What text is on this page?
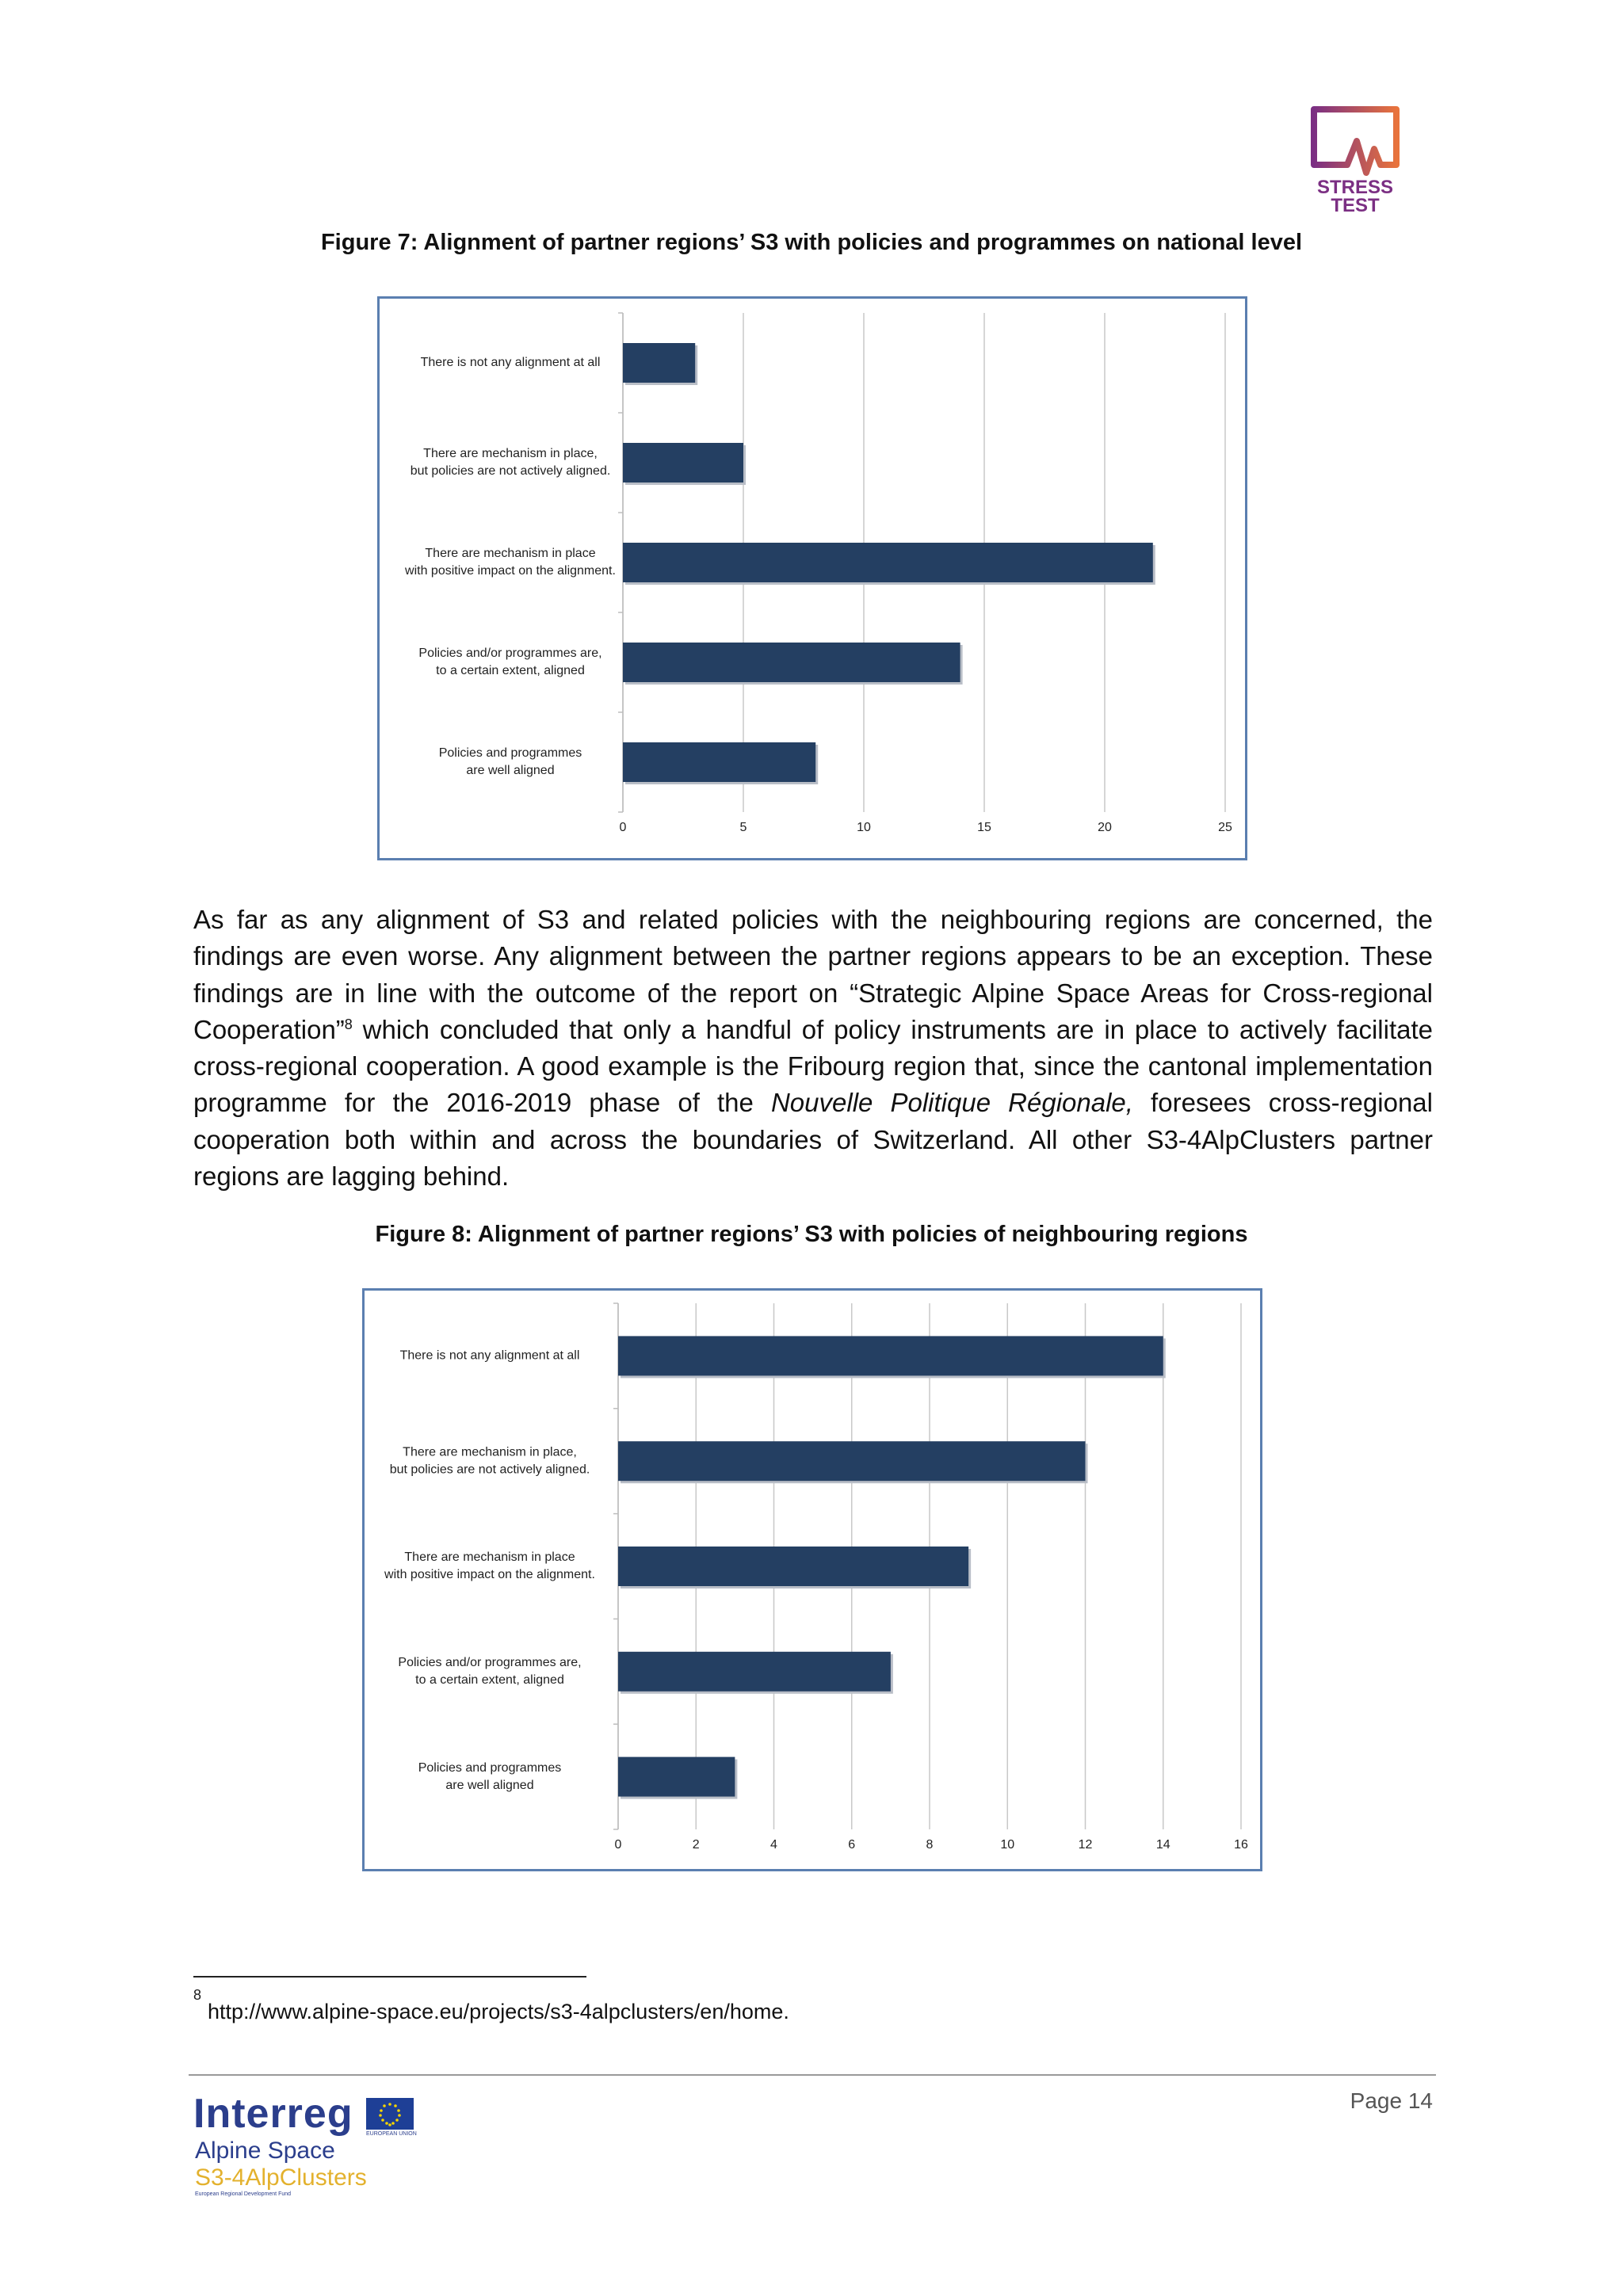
STRESS
TEST
Figure 7: Alignment of partner regions’ S3 with policies and programmes on national level
There is not any alignment at all
There are mechanism in place,
but policies are not actively aligned.
There are mechanism in place
with positive impact on the alignment.
Policies and/or programmes are,
to a certain extent, aligned
Policies and programmes
are well aligned
0	5	10	15	20	25

As far as any alignment of S3 and related policies with the neighbouring regions are concerned, the findings are even worse. Any alignment between the partner regions appears to be an exception. These findings are in line with the outcome of the report on “Strategic Alpine Space Areas for Cross-regional Cooperation”$^8$ which concluded that only a handful of policy instruments are in place to actively facilitate cross-regional cooperation. A good example is the Fribourg region that, since the cantonal implementation programme for the 2016-2019 phase of the Nouvelle Politique Régionale, foresees cross-regional cooperation both within and across the boundaries of Switzerland. All other S3-4AlpClusters partner regions are lagging behind.

Figure 8: Alignment of partner regions’ S3 with policies of neighbouring regions
There is not any alignment at all
There are mechanism in place,
but policies are not actively aligned.
There are mechanism in place
with positive impact on the alignment.
Policies and/or programmes are,
to a certain extent, aligned
Policies and programmes
are well aligned
0	2	4	6	8	10	12	14	16
8
http://www.alpine-space.eu/projects/s3-4alpclusters/en/home.
Page 14
Interreg EUROPEAN UNION
Alpine Space
S3-4AlpClusters
European Regional Development Fund
